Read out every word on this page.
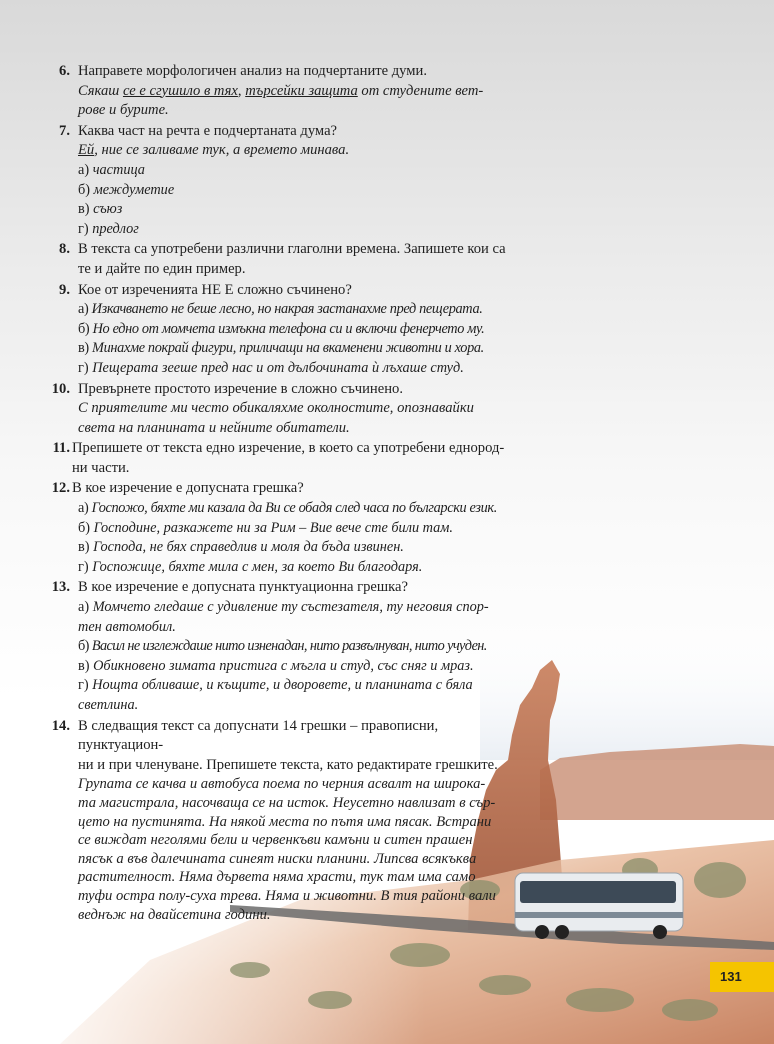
6. Направете морфологичен анализ на подчертаните думи.
Сякаш се е сгушило в тях, търсейки защита от студените вет-
рове и бурите.
7. Каква част на речта е подчертаната дума?
Ей, ние се заливаме тук, а времето минава.
а) частица
б) междуметие
в) съюз
г) предлог
8. В текста са употребени различни глаголни времена. Запишете кои са
те и дайте по един пример.
9. Кое от изреченията НЕ Е сложно съчинено?
а) Изкачването не беше лесно, но накрая застанахме пред пещерата.
б) Но едно от момчета измъкна телефона си и включи фенерчето му.
в) Минахме покрай фигури, приличащи на вкаменени животни и хора.
г) Пещерата зееше пред нас и от дълбочината ѝ лъхаше студ.
10. Превърнете простото изречение в сложно съчинено.
С приятелите ми често обикаляхме околностите, опознавайки
света на планината и нейните обитатели.
11. Препишете от текста едно изречение, в което са употребени еднород-
ни части.
12. В кое изречение е допусната грешка?
а) Госпожо, бяхте ми казала да Ви се обадя след часа по български език.
б) Господине, разкажете ни за Рим – Вие вече сте били там.
в) Господа, не бях справедлив и моля да бъда извинен.
г) Госпожице, бяхте мила с мен, за което Ви благодаря.
13. В кое изречение е допусната пунктуационна грешка?
а) Момчето гледаше с удивление ту състезателя, ту неговия спор-
тен автомобил.
б) Васил не изглеждаше нито изненадан, нито развълнуван, нито учуден.
в) Обикновено зимата пристига с мъгла и студ, със сняг и мраз.
г) Нощта обливаше, и къщите, и дворовете, и планината с бяла
светлина.
14. В следващия текст са допуснати 14 грешки – правописни, пунктуацион-
ни и при членуване. Препишете текста, като редактирате грешките.
Групата се качва и автобуса поема по черния асвалт на широка-
та магистрала, насочваща се на исток. Неусетно навлизат в сър-
цето на пустинята. На някой места по пътя има пясак. Встрани
се виждат неголями бели и червенкъви камъни и ситен прашен
пясък а във далечината синеят ниски планини. Липсва всякъква
растителност. Няма дървета няма храсти, тук там има само
туфи остра полу-суха трева. Няма и животни. В тия райони вали
веднъж на двайсетина години.
131
